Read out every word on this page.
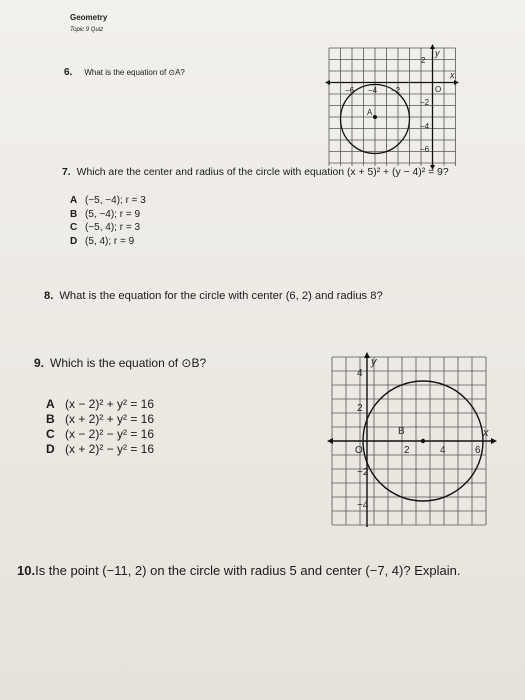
Geometry
Topic 9 Quiz
6. What is the equation of ⊙A?
A
y
x
O
−6 −4 −2
2
−2
−4
−6
7. Which are the center and radius of the circle with equation (x + 5)² + (y − 4)² = 9?
A (−5, −4); r = 3
B (5, −4); r = 9
C (−5, 4); r = 3
D (5, 4); r = 9
8. What is the equation for the circle with center (6, 2) and radius 8?
9. Which is the equation of ⊙B?
A (x − 2)² + y² = 16
B (x + 2)² + y² = 16
C (x − 2)² − y² = 16
D (x + 2)² − y² = 16
B
y
x
O	2	4	6
4
2
−2
−4
10.Is the point (−11, 2) on the circle with radius 5 and center (−7, 4)? Explain.
